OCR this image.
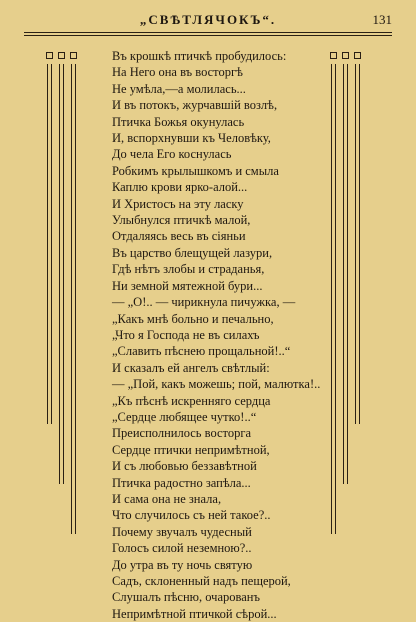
„СВѢТЛЯЧОКЪ“.	131
Въ крошкѣ птичкѣ пробудилось:
На Него она въ восторгѣ
Не умѣла,—а молилась...
И въ потокъ, журчавшiй возлѣ,
Птичка Божья окунулась
И, вспорхнувши къ Человѣку,
До чела Его коснулась
Робкимъ крылышкомъ и смыла
Каплю крови ярко-алой...
И Христосъ на эту ласку
Улыбнулся птичкѣ малой,
Отдаляясь весь въ сiяньи
Въ царство блещущей лазури,
Гдѣ нѣтъ злобы и страданья,
Ни земной мятежной бури...
— „О!.. — чирикнула пичужка, —
„Какъ мнѣ больно и печально,
„Что я Господа не въ силахъ
„Славить пѣснею прощальной!..“
И сказалъ ей ангелъ свѣтлый:
— „Пой, какъ можешь; пой, малютка!..
„Къ пѣснѣ искренняго сердца
„Сердце любящее чутко!..“
Преисполнилось восторга
Сердце птички непримѣтной,
И съ любовью беззавѣтной
Птичка радостно запѣла...
И сама она не знала,
Что случилось съ ней такое?..
Почему звучалъ чудесный
Голосъ силой неземною?..
До утра въ ту ночь святую
Садъ, склоненный надъ пещерой,
Слушалъ пѣсню, очарованъ
Непримѣтной птичкой сѣрой...
